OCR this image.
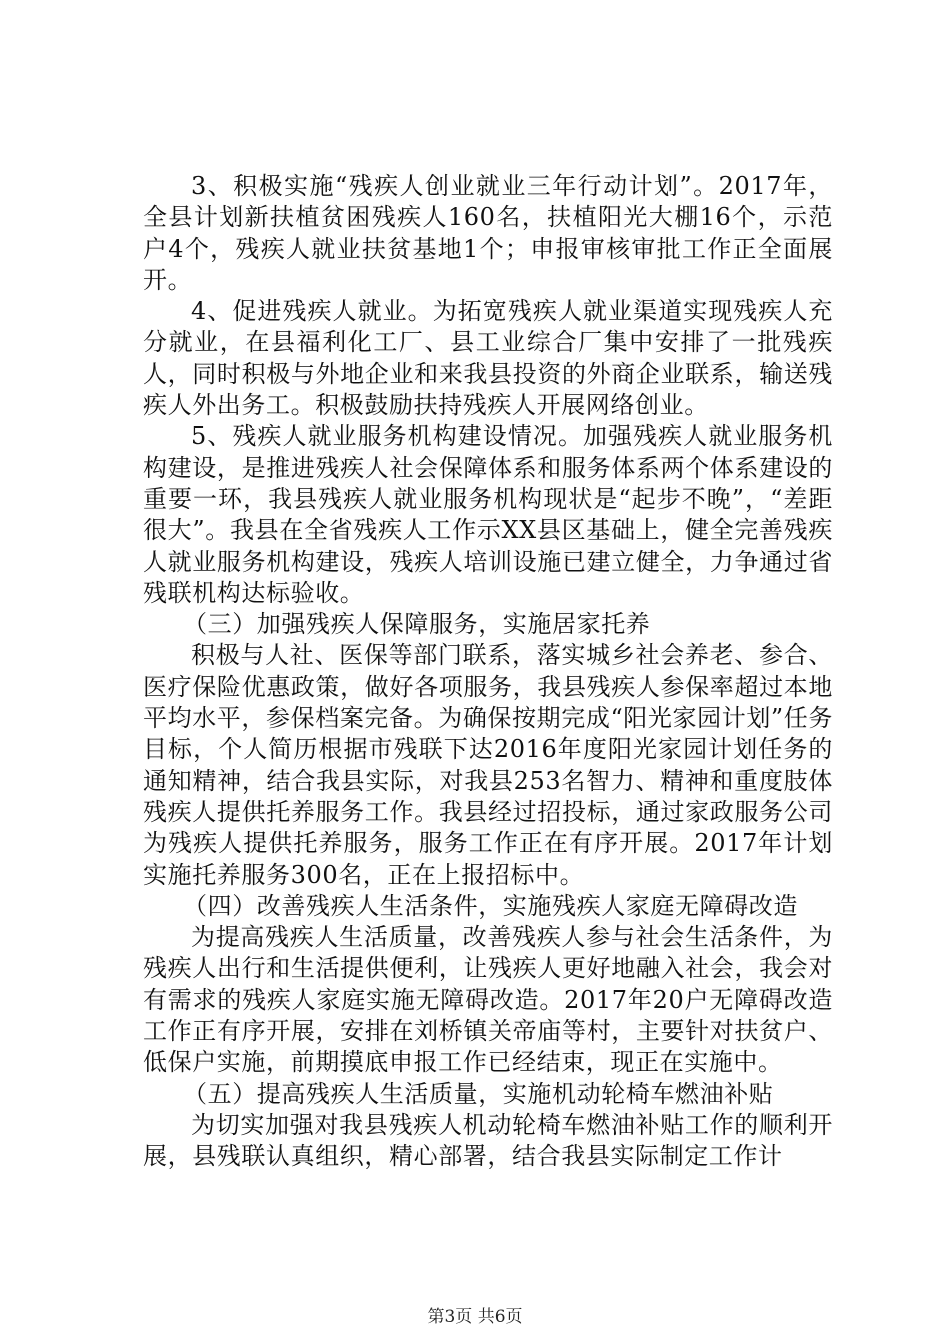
3、积极实施“残疾人创业就业三年行动计划”。2017年，全县计划新扶植贫困残疾人160名，扶植阳光大棚16个，示范户4个，残疾人就业扶贫基地1个；申报审核审批工作正全面展开。

4、促进残疾人就业。为拓宽残疾人就业渠道实现残疾人充分就业，在县福利化工厂、县工业综合厂集中安排了一批残疾人，同时积极与外地企业和来我县投资的外商企业联系，输送残疾人外出务工。积极鼓励扶持残疾人开展网络创业。

5、残疾人就业服务机构建设情况。加强残疾人就业服务机构建设，是推进残疾人社会保障体系和服务体系两个体系建设的重要一环，我县残疾人就业服务机构现状是“起步不晚”，“差距很大”。我县在全省残疾人工作示XX县区基础上，健全完善残疾人就业服务机构建设，残疾人培训设施已建立健全，力争通过省残联机构达标验收。

（三）加强残疾人保障服务，实施居家托养

积极与人社、医保等部门联系，落实城乡社会养老、参合、医疗保险优惠政策，做好各项服务，我县残疾人参保率超过本地平均水平，参保档案完备。为确保按期完成“阳光家园计划”任务目标，个人简历根据市残联下达2016年度阳光家园计划任务的通知精神，结合我县实际，对我县253名智力、精神和重度肢体残疾人提供托养服务工作。我县经过招投标，通过家政服务公司为残疾人提供托养服务，服务工作正在有序开展。2017年计划实施托养服务300名，正在上报招标中。

（四）改善残疾人生活条件，实施残疾人家庭无障碍改造

为提高残疾人生活质量，改善残疾人参与社会生活条件，为残疾人出行和生活提供便利，让残疾人更好地融入社会，我会对有需求的残疾人家庭实施无障碍改造。2017年20户无障碍改造工作正有序开展，安排在刘桥镇关帝庙等村，主要针对扶贫户、低保户实施，前期摸底申报工作已经结束，现正在实施中。

（五）提高残疾人生活质量，实施机动轮椅车燃油补贴

为切实加强对我县残疾人机动轮椅车燃油补贴工作的顺利开展，县残联认真组织，精心部署，结合我县实际制定工作计

第3页 共6页
